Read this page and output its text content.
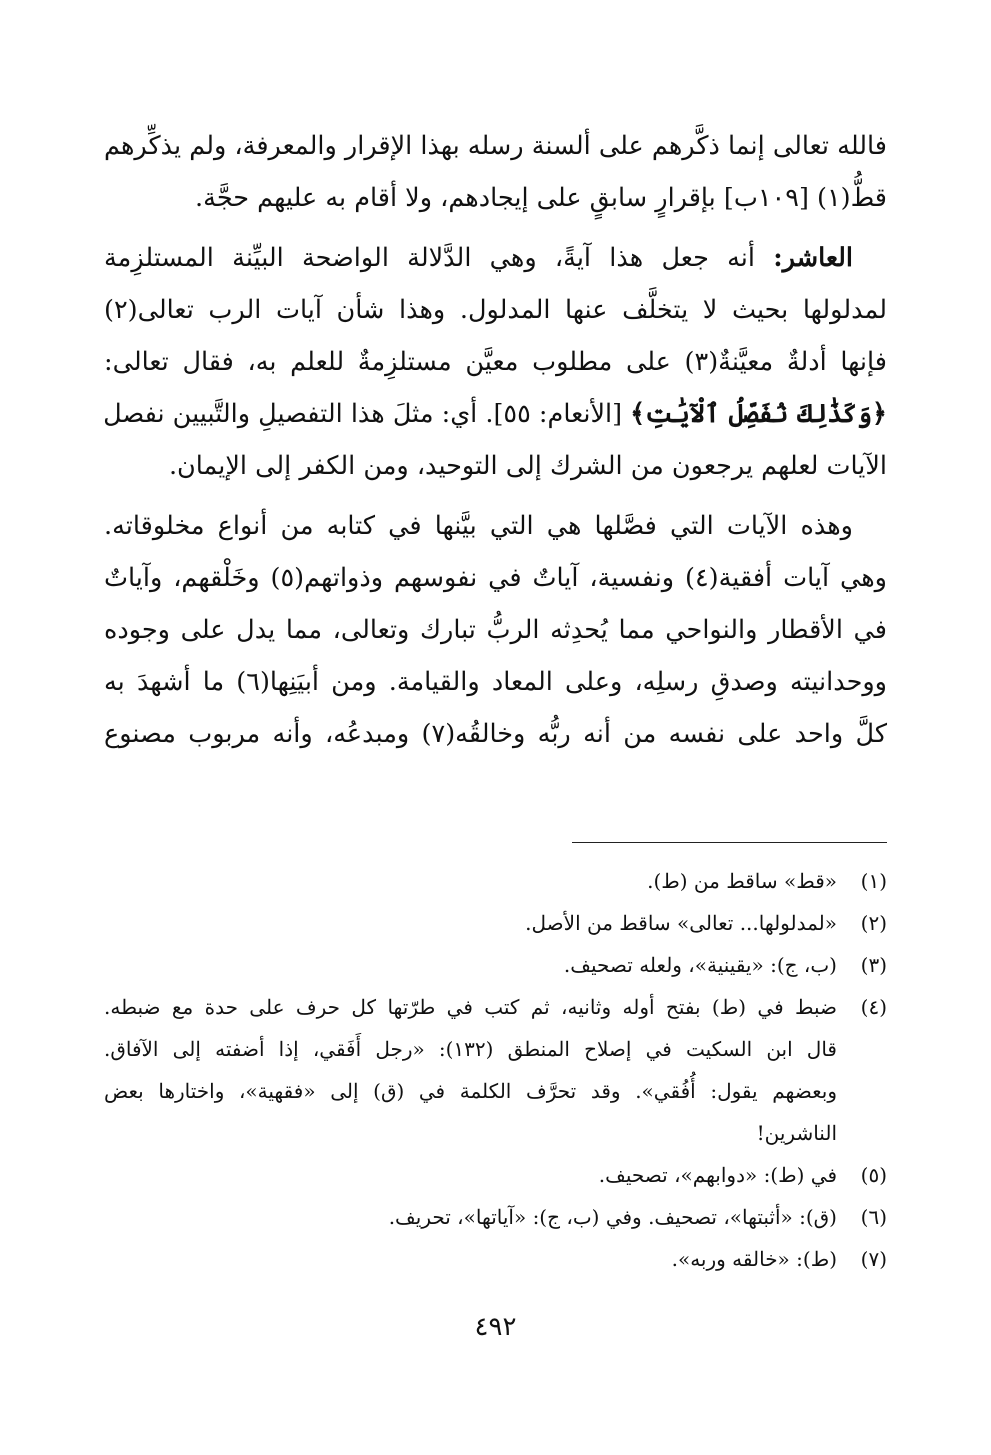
فالله تعالى إنما ذكَّرهم على ألسنة رسله بهذا الإقرار والمعرفة، ولم يذكِّرهم
قطُّ(١) [١٠٩ب] بإقرارٍ سابقٍ على إيجادهم، ولا أقام به عليهم حجَّة.

العاشر: أنه جعل هذا آيةً، وهي الدَّلالة الواضحة البيِّنة المستلزِمة
لمدلولها بحيث لا يتخلَّف عنها المدلول. وهذا شأن آيات الرب تعالى(٢)
فإنها أدلةٌ معيَّنةٌ(٣) على مطلوب معيَّن مستلزِمةٌ للعلم به، فقال تعالى:
﴿وَكَذَٰلِكَ نُفَصِّلُ ٱلْآيَٰتِ﴾ [الأنعام: ٥٥]. أي: مثلَ هذا التفصيلِ والتَّبيين نفصل
الآيات لعلهم يرجعون من الشرك إلى التوحيد، ومن الكفر إلى الإيمان.

وهذه الآيات التي فصَّلها هي التي بيَّنها في كتابه من أنواع مخلوقاته.
وهي آيات أفقية(٤) ونفسية، آياتٌ في نفوسهم وذواتهم(٥) وخَلْقهم، وآياتٌ
في الأقطار والنواحي مما يُحدِثه الربُّ تبارك وتعالى، مما يدل على وجوده
ووحدانيته وصدقِ رسلِه، وعلى المعاد والقيامة. ومن أبيَنِها(٦) ما أشهدَ به
كلَّ واحد على نفسه من أنه ربُّه وخالقُه(٧) ومبدعُه، وأنه مربوب مصنوع

(١)
«قط» ساقط من (ط).
(٢)
«لمدلولها... تعالى» ساقط من الأصل.
(٣)
(ب، ج): «يقينية»، ولعله تصحيف.
(٤)
ضبط في (ط) بفتح أوله وثانيه، ثم كتب في طرّتها كل حرف على حدة مع ضبطه.
قال ابن السكيت في إصلاح المنطق (١٣٢): «رجل أَفَقي، إذا أضفته إلى الآفاق.
وبعضهم يقول: أُفُقي». وقد تحرَّف الكلمة في (ق) إلى «فقهية»، واختارها بعض
الناشرين!
(٥)
في (ط): «دوابهم»، تصحيف.
(٦)
(ق): «أثبتها»، تصحيف. وفي (ب، ج): «آياتها»، تحريف.
(٧)
(ط): «خالقه وربه».
٤٩٢
